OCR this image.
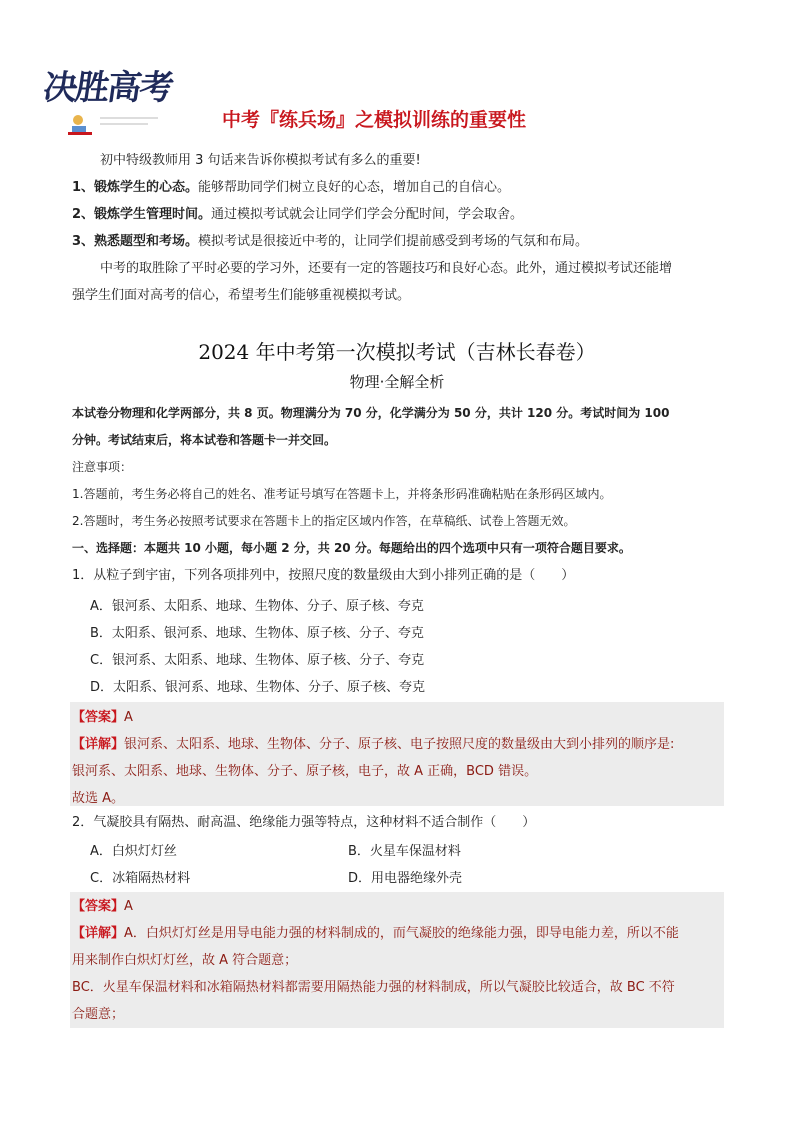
决胜高考
中考『练兵场』之模拟训练的重要性
初中特级教师用 3 句话来告诉你模拟考试有多么的重要!
1、锻炼学生的心态。能够帮助同学们树立良好的心态，增加自己的自信心。
2、锻炼学生管理时间。通过模拟考试就会让同学们学会分配时间，学会取舍。
3、熟悉题型和考场。模拟考试是很接近中考的，让同学们提前感受到考场的气氛和布局。
中考的取胜除了平时必要的学习外，还要有一定的答题技巧和良好心态。此外，通过模拟考试还能增
强学生们面对高考的信心，希望考生们能够重视模拟考试。
2024 年中考第一次模拟考试（吉林长春卷）
物理·全解全析
本试卷分物理和化学两部分，共 8 页。物理满分为 70 分，化学满分为 50 分，共计 120 分。考试时间为 100
分钟。考试结束后，将本试卷和答题卡一并交回。
注意事项：
1.答题前，考生务必将自己的姓名、准考证号填写在答题卡上，并将条形码准确粘贴在条形码区域内。
2.答题时，考生务必按照考试要求在答题卡上的指定区域内作答，在草稿纸、试卷上答题无效。
一、选择题：本题共 10 小题，每小题 2 分，共 20 分。每题给出的四个选项中只有一项符合题目要求。
1．从粒子到宇宙，下列各项排列中，按照尺度的数量级由大到小排列正确的是（　　）
A．银河系、太阳系、地球、生物体、分子、原子核、夸克
B．太阳系、银河系、地球、生物体、原子核、分子、夸克
C．银河系、太阳系、地球、生物体、原子核、分子、夸克
D．太阳系、银河系、地球、生物体、分子、原子核、夸克
【答案】A
【详解】银河系、太阳系、地球、生物体、分子、原子核、电子按照尺度的数量级由大到小排列的顺序是:
银河系、太阳系、地球、生物体、分子、原子核，电子，故 A 正确，BCD 错误。
故选 A。
2．气凝胶具有隔热、耐高温、绝缘能力强等特点，这种材料不适合制作（　　）
A．白炽灯灯丝	B．火星车保温材料
C．冰箱隔热材料	D．用电器绝缘外壳
【答案】A
【详解】A．白炽灯灯丝是用导电能力强的材料制成的，而气凝胶的绝缘能力强，即导电能力差，所以不能
用来制作白炽灯灯丝，故 A 符合题意；
BC．火星车保温材料和冰箱隔热材料都需要用隔热能力强的材料制成，所以气凝胶比较适合，故 BC 不符
合题意；
